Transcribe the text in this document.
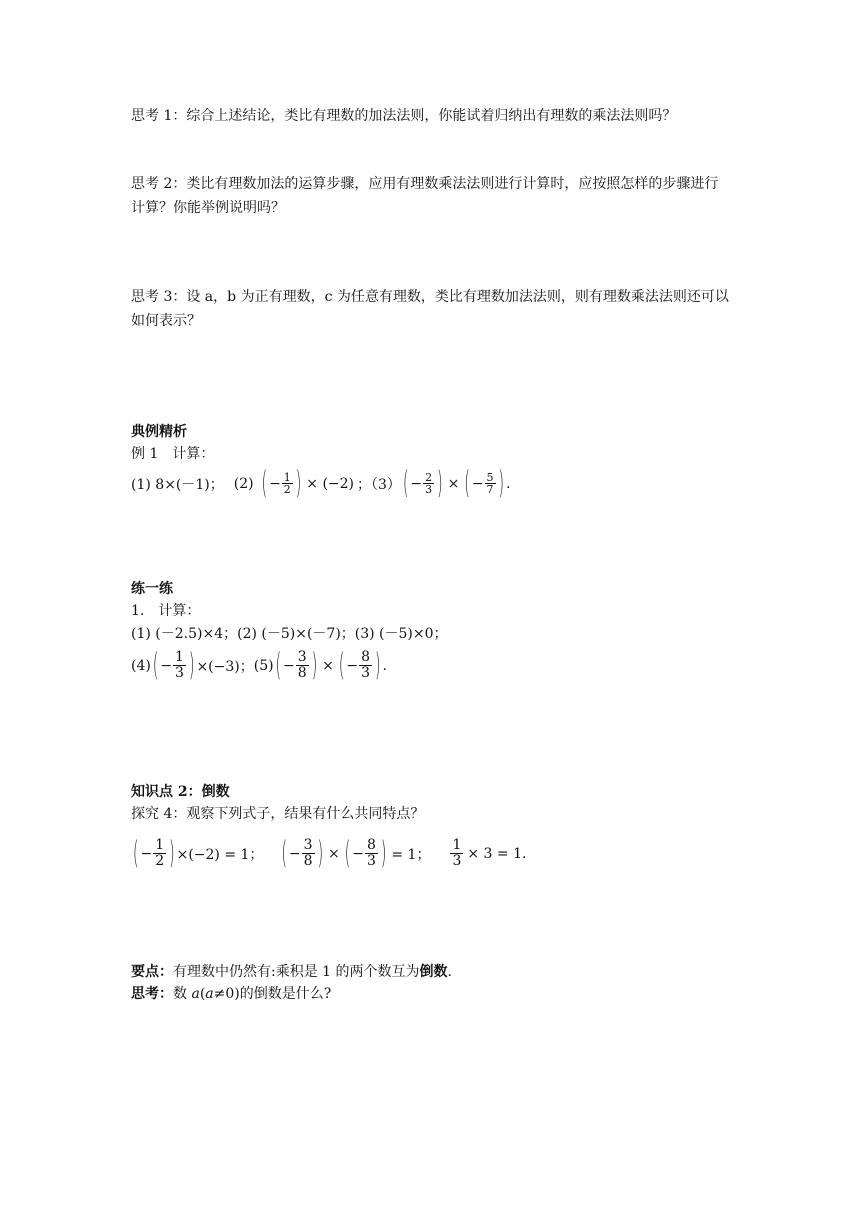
思考 1：综合上述结论，类比有理数的加法法则，你能试着归纳出有理数的乘法法则吗？
思考 2：类比有理数加法的运算步骤，应用有理数乘法法则进行计算时，应按照怎样的步骤进行计算？你能举例说明吗？
思考 3：设 a，b 为正有理数，c 为任意有理数，类比有理数加法法则，则有理数乘法法则还可以如何表示？
典例精析
例 1　计算：
(1) 8×(－1)； (2) ( − $\frac{1}{2}$ ) × (−2) ；（3） ( − $\frac{2}{3}$ ) × ( − $\frac{5}{7}$ ) .
练一练
1.　计算：
(1) (－2.5)×4；(2) (－5)×(－7)；(3) (－5)×0；
(4) ( − $\frac{1}{3}$ ) ×(−3)； (5) ( − $\frac{3}{8}$ ) × ( − $\frac{8}{3}$ ) .
知识点 2：倒数
探究 4：观察下列式子，结果有什么共同特点？
( − $\frac{1}{2}$ ) ×(−2) = 1； ( − $\frac{3}{8}$ ) × ( − $\frac{8}{3}$ ) = 1； $\frac{1}{3} \times 3 = 1$.
要点：有理数中仍然有:乘积是 1 的两个数互为倒数.
思考：数 a(a≠0)的倒数是什么?
